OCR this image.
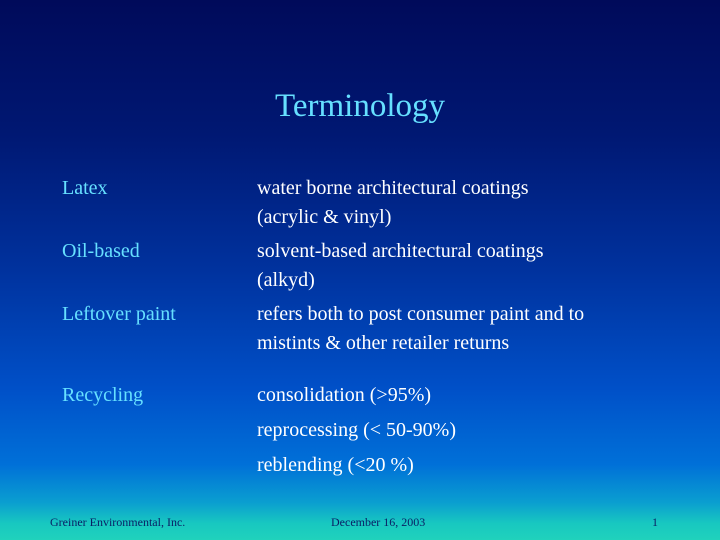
Terminology
Latex	water borne architectural coatings
(acrylic & vinyl)
Oil-based	solvent-based architectural coatings
(alkyd)
Leftover paint	refers both to post consumer paint and to
mistints & other retailer returns
Recycling	consolidation (>95%)
reprocessing (< 50-90%)
reblending (<20 %)
Greiner Environmental, Inc.	December 16, 2003	1
